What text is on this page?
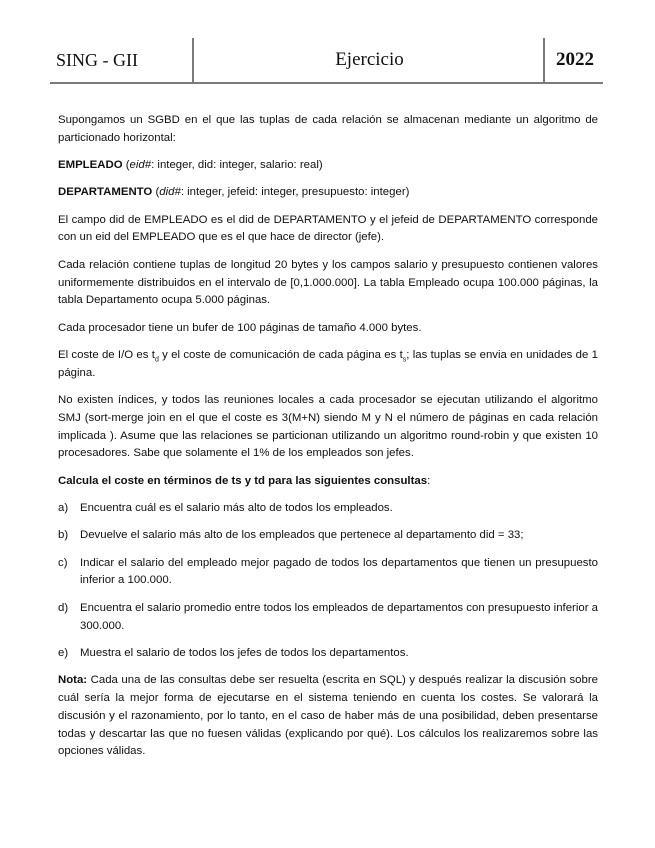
SING - GII	Ejercicio	2022

Supongamos un SGBD en el que las tuplas de cada relación se almacenan mediante un algoritmo de particionado horizontal:

EMPLEADO (eid#: integer, did: integer, salario: real)

DEPARTAMENTO (did#: integer, jefeid: integer, presupuesto: integer)

El campo did de EMPLEADO es el did de DEPARTAMENTO y el jefeid de DEPARTAMENTO corresponde con un eid del EMPLEADO que es el que hace de director (jefe).

Cada relación contiene tuplas de longitud 20 bytes y los campos salario y presupuesto contienen valores uniformemente distribuidos en el intervalo de [0,1.000.000]. La tabla Empleado ocupa 100.000 páginas, la tabla Departamento ocupa 5.000 páginas.

Cada procesador tiene un bufer de 100 páginas de tamaño 4.000 bytes.

El coste de I/O es $t_d$ y el coste de comunicación de cada página es $t_s$; las tuplas se envia en unidades de 1 página.

No existen índices, y todos las reuniones locales a cada procesador se ejecutan utilizando el algoritmo SMJ (sort-merge join en el que el coste es 3(M+N) siendo M y N el número de páginas en cada relación implicada ). Asume que las relaciones se particionan utilizando un algoritmo round-robin y que existen 10 procesadores. Sabe que solamente el 1% de los empleados son jefes.

Calcula el coste en términos de ts y td para las siguientes consultas:

a) Encuentra cuál es el salario más alto de todos los empleados.
b) Devuelve el salario más alto de los empleados que pertenece al departamento did = 33;
c) Indicar el salario del empleado mejor pagado de todos los departamentos que tienen un presupuesto inferior a 100.000.
d) Encuentra el salario promedio entre todos los empleados de departamentos con presupuesto inferior a 300.000.
e) Muestra el salario de todos los jefes de todos los departamentos.

Nota: Cada una de las consultas debe ser resuelta (escrita en SQL) y después realizar la discusión sobre cuál sería la mejor forma de ejecutarse en el sistema teniendo en cuenta los costes. Se valorará la discusión y el razonamiento, por lo tanto, en el caso de haber más de una posibilidad, deben presentarse todas y descartar las que no fuesen válidas (explicando por qué). Los cálculos los realizaremos sobre las opciones válidas.
